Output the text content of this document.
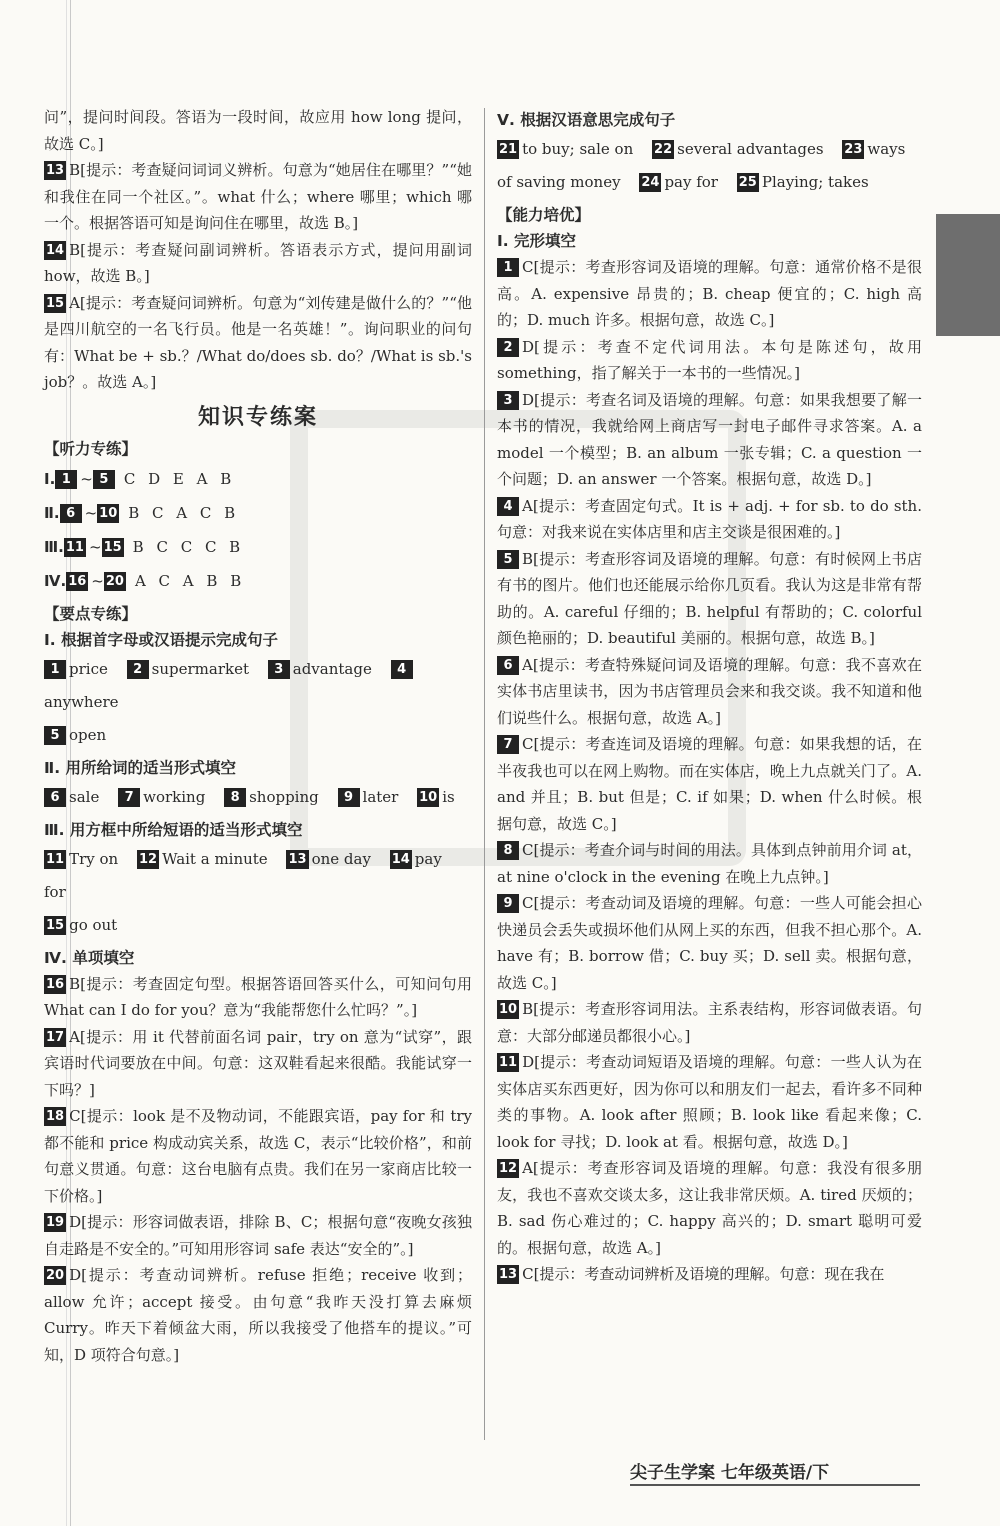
问”，提问时间段。答语为一段时间，故应用 how long 提问，故选 C。]

13 B[提示：考查疑问词词义辨析。句意为“她居住在哪里？”“她和我住在同一个社区。”。what 什么；where 哪里；which 哪一个。根据答语可知是询问住在哪里，故选 B。]

14 B[提示：考查疑问副词辨析。答语表示方式，提问用副词 how，故选 B。]

15 A[提示：考查疑问词辨析。句意为“刘传建是做什么的？”“他是四川航空的一名飞行员。他是一名英雄！”。询问职业的问句有：What be + sb.？/What do/does sb. do？/What is sb.'s job？。故选 A。]

知识专练案
【听力专练】
Ⅰ. 1 ~ 5 C D E A B
Ⅱ. 6 ~ 10 B C A C B
Ⅲ. 11 ~ 15 B C C C B
Ⅳ. 16 ~ 20 A C A B B
【要点专练】
Ⅰ. 根据首字母或汉语提示完成句子
1 price 2 supermarket 3 advantage 4anywhere
5 open
Ⅱ. 用所给词的适当形式填空
6 sale 7 working 8 shopping 9 later 10 is
Ⅲ. 用方框中所给短语的适当形式填空
11 Try on 12 Wait a minute 13 one day 14 pay for
15 go out
Ⅳ. 单项填空

16 B[提示：考查固定句型。根据答语回答买什么，可知问句用 What can I do for you？意为“我能帮您什么忙吗？”。]

17 A[提示：用 it 代替前面名词 pair，try on 意为“试穿”，跟宾语时代词要放在中间。句意：这双鞋看起来很酷。我能试穿一下吗？]

18 C[提示：look 是不及物动词，不能跟宾语，pay for 和 try 都不能和 price 构成动宾关系，故选 C，表示“比较价格”，和前句意义贯通。句意：这台电脑有点贵。我们在另一家商店比较一下价格。]

19 D[提示：形容词做表语，排除 B、C；根据句意“夜晚女孩独自走路是不安全的。”可知用形容词 safe 表达“安全的”。]

20 D[提示：考查动词辨析。refuse 拒绝；receive 收到；allow 允许；accept 接受。由句意“我昨天没打算去麻烦 Curry。昨天下着倾盆大雨，所以我接受了他搭车的提议。”可知，D 项符合句意。]

Ⅴ. 根据汉语意思完成句子
21 to buy; sale on 22 several advantages 23 ways of saving money 24 pay for 25 Playing; takes
【能力培优】
Ⅰ. 完形填空

1 C[提示：考查形容词及语境的理解。句意：通常价格不是很高。A. expensive 昂贵的；B. cheap 便宜的；C. high 高的；D. much 许多。根据句意，故选 C。]

2 D[提示：考查不定代词用法。本句是陈述句，故用 something，指了解关于一本书的一些情况。]

3 D[提示：考查名词及语境的理解。句意：如果我想要了解一本书的情况，我就给网上商店写一封电子邮件寻求答案。A. a model 一个模型；B. an album 一张专辑；C. a question 一个问题；D. an answer 一个答案。根据句意，故选 D。]

4 A[提示：考查固定句式。It is + adj. + for sb. to do sth. 句意：对我来说在实体店里和店主交谈是很困难的。]

5 B[提示：考查形容词及语境的理解。句意：有时候网上书店有书的图片。他们也还能展示给你几页看。我认为这是非常有帮助的。A. careful 仔细的；B. helpful 有帮助的；C. colorful 颜色艳丽的；D. beautiful 美丽的。根据句意，故选 B。]

6 A[提示：考查特殊疑问词及语境的理解。句意：我不喜欢在实体书店里读书，因为书店管理员会来和我交谈。我不知道和他们说些什么。根据句意，故选 A。]

7 C[提示：考查连词及语境的理解。句意：如果我想的话，在半夜我也可以在网上购物。而在实体店，晚上九点就关门了。A. and 并且；B. but 但是；C. if 如果；D. when 什么时候。根据句意，故选 C。]

8 C[提示：考查介词与时间的用法。具体到点钟前用介词 at，at nine o'clock in the evening 在晚上九点钟。]

9 C[提示：考查动词及语境的理解。句意：一些人可能会担心快递员会丢失或损坏他们从网上买的东西，但我不担心那个。A. have 有；B. borrow 借；C. buy 买；D. sell 卖。根据句意，故选 C。]

10 B[提示：考查形容词用法。主系表结构，形容词做表语。句意：大部分邮递员都很小心。]

11 D[提示：考查动词短语及语境的理解。句意：一些人认为在实体店买东西更好，因为你可以和朋友们一起去，看许多不同种类的事物。A. look after 照顾；B. look like 看起来像；C. look for 寻找；D. look at 看。根据句意，故选 D。]

12 A[提示：考查形容词及语境的理解。句意：我没有很多朋友，我也不喜欢交谈太多，这让我非常厌烦。A. tired 厌烦的；B. sad 伤心难过的；C. happy 高兴的；D. smart 聪明可爱的。根据句意，故选 A。]

13 C[提示：考查动词辨析及语境的理解。句意：现在我在

尖子生学案 七年级英语/下
